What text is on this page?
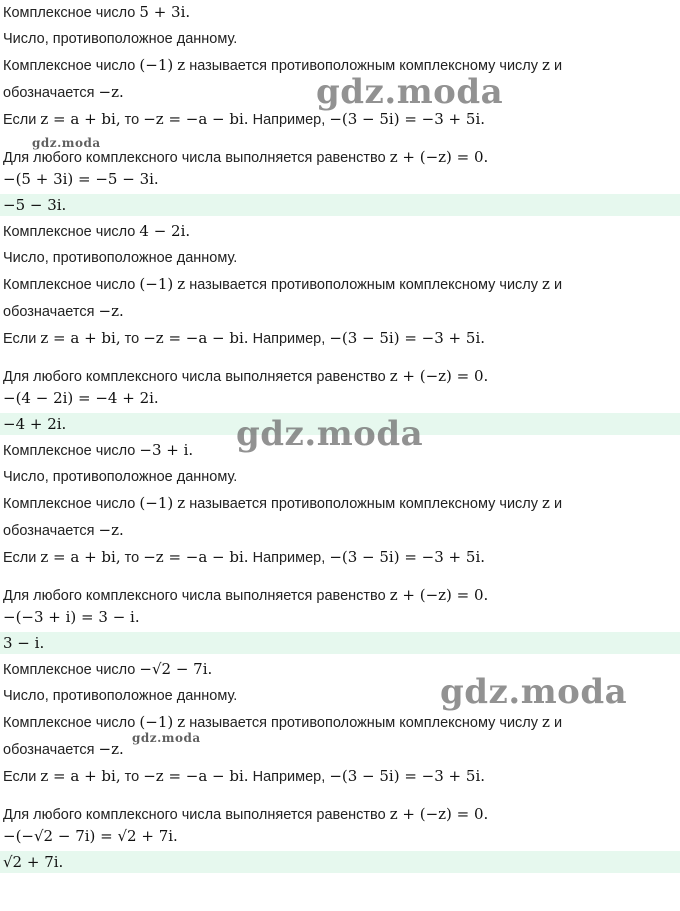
Комплексное число 5 + 3i.
Число, противоположное данному.
Комплексное число (−1) z называется противоположным комплексному числу z и
обозначается −z.
Если z = a + bi, то −z = −a − bi. Например, −(3 − 5i) = −3 + 5i.
Для любого комплексного числа выполняется равенство z + (−z) = 0.
−(5 + 3i) = −5 − 3i.
−5 − 3i.
Комплексное число 4 − 2i.
Число, противоположное данному.
Комплексное число (−1) z называется противоположным комплексному числу z и
обозначается −z.
Если z = a + bi, то −z = −a − bi. Например, −(3 − 5i) = −3 + 5i.
Для любого комплексного числа выполняется равенство z + (−z) = 0.
−(4 − 2i) = −4 + 2i.
−4 + 2i.
Комплексное число −3 + i.
Число, противоположное данному.
Комплексное число (−1) z называется противоположным комплексному числу z и
обозначается −z.
Если z = a + bi, то −z = −a − bi. Например, −(3 − 5i) = −3 + 5i.
Для любого комплексного числа выполняется равенство z + (−z) = 0.
−(−3 + i) = 3 − i.
3 − i.
Комплексное число −√2 − 7i.
Число, противоположное данному.
Комплексное число (−1) z называется противоположным комплексному числу z и
обозначается −z.
Если z = a + bi, то −z = −a − bi. Например, −(3 − 5i) = −3 + 5i.
Для любого комплексного числа выполняется равенство z + (−z) = 0.
−(−√2 − 7i) = √2 + 7i.
√2 + 7i.
gdz.moda
gdz.moda
gdz.moda
gdz.moda
gdz.moda
